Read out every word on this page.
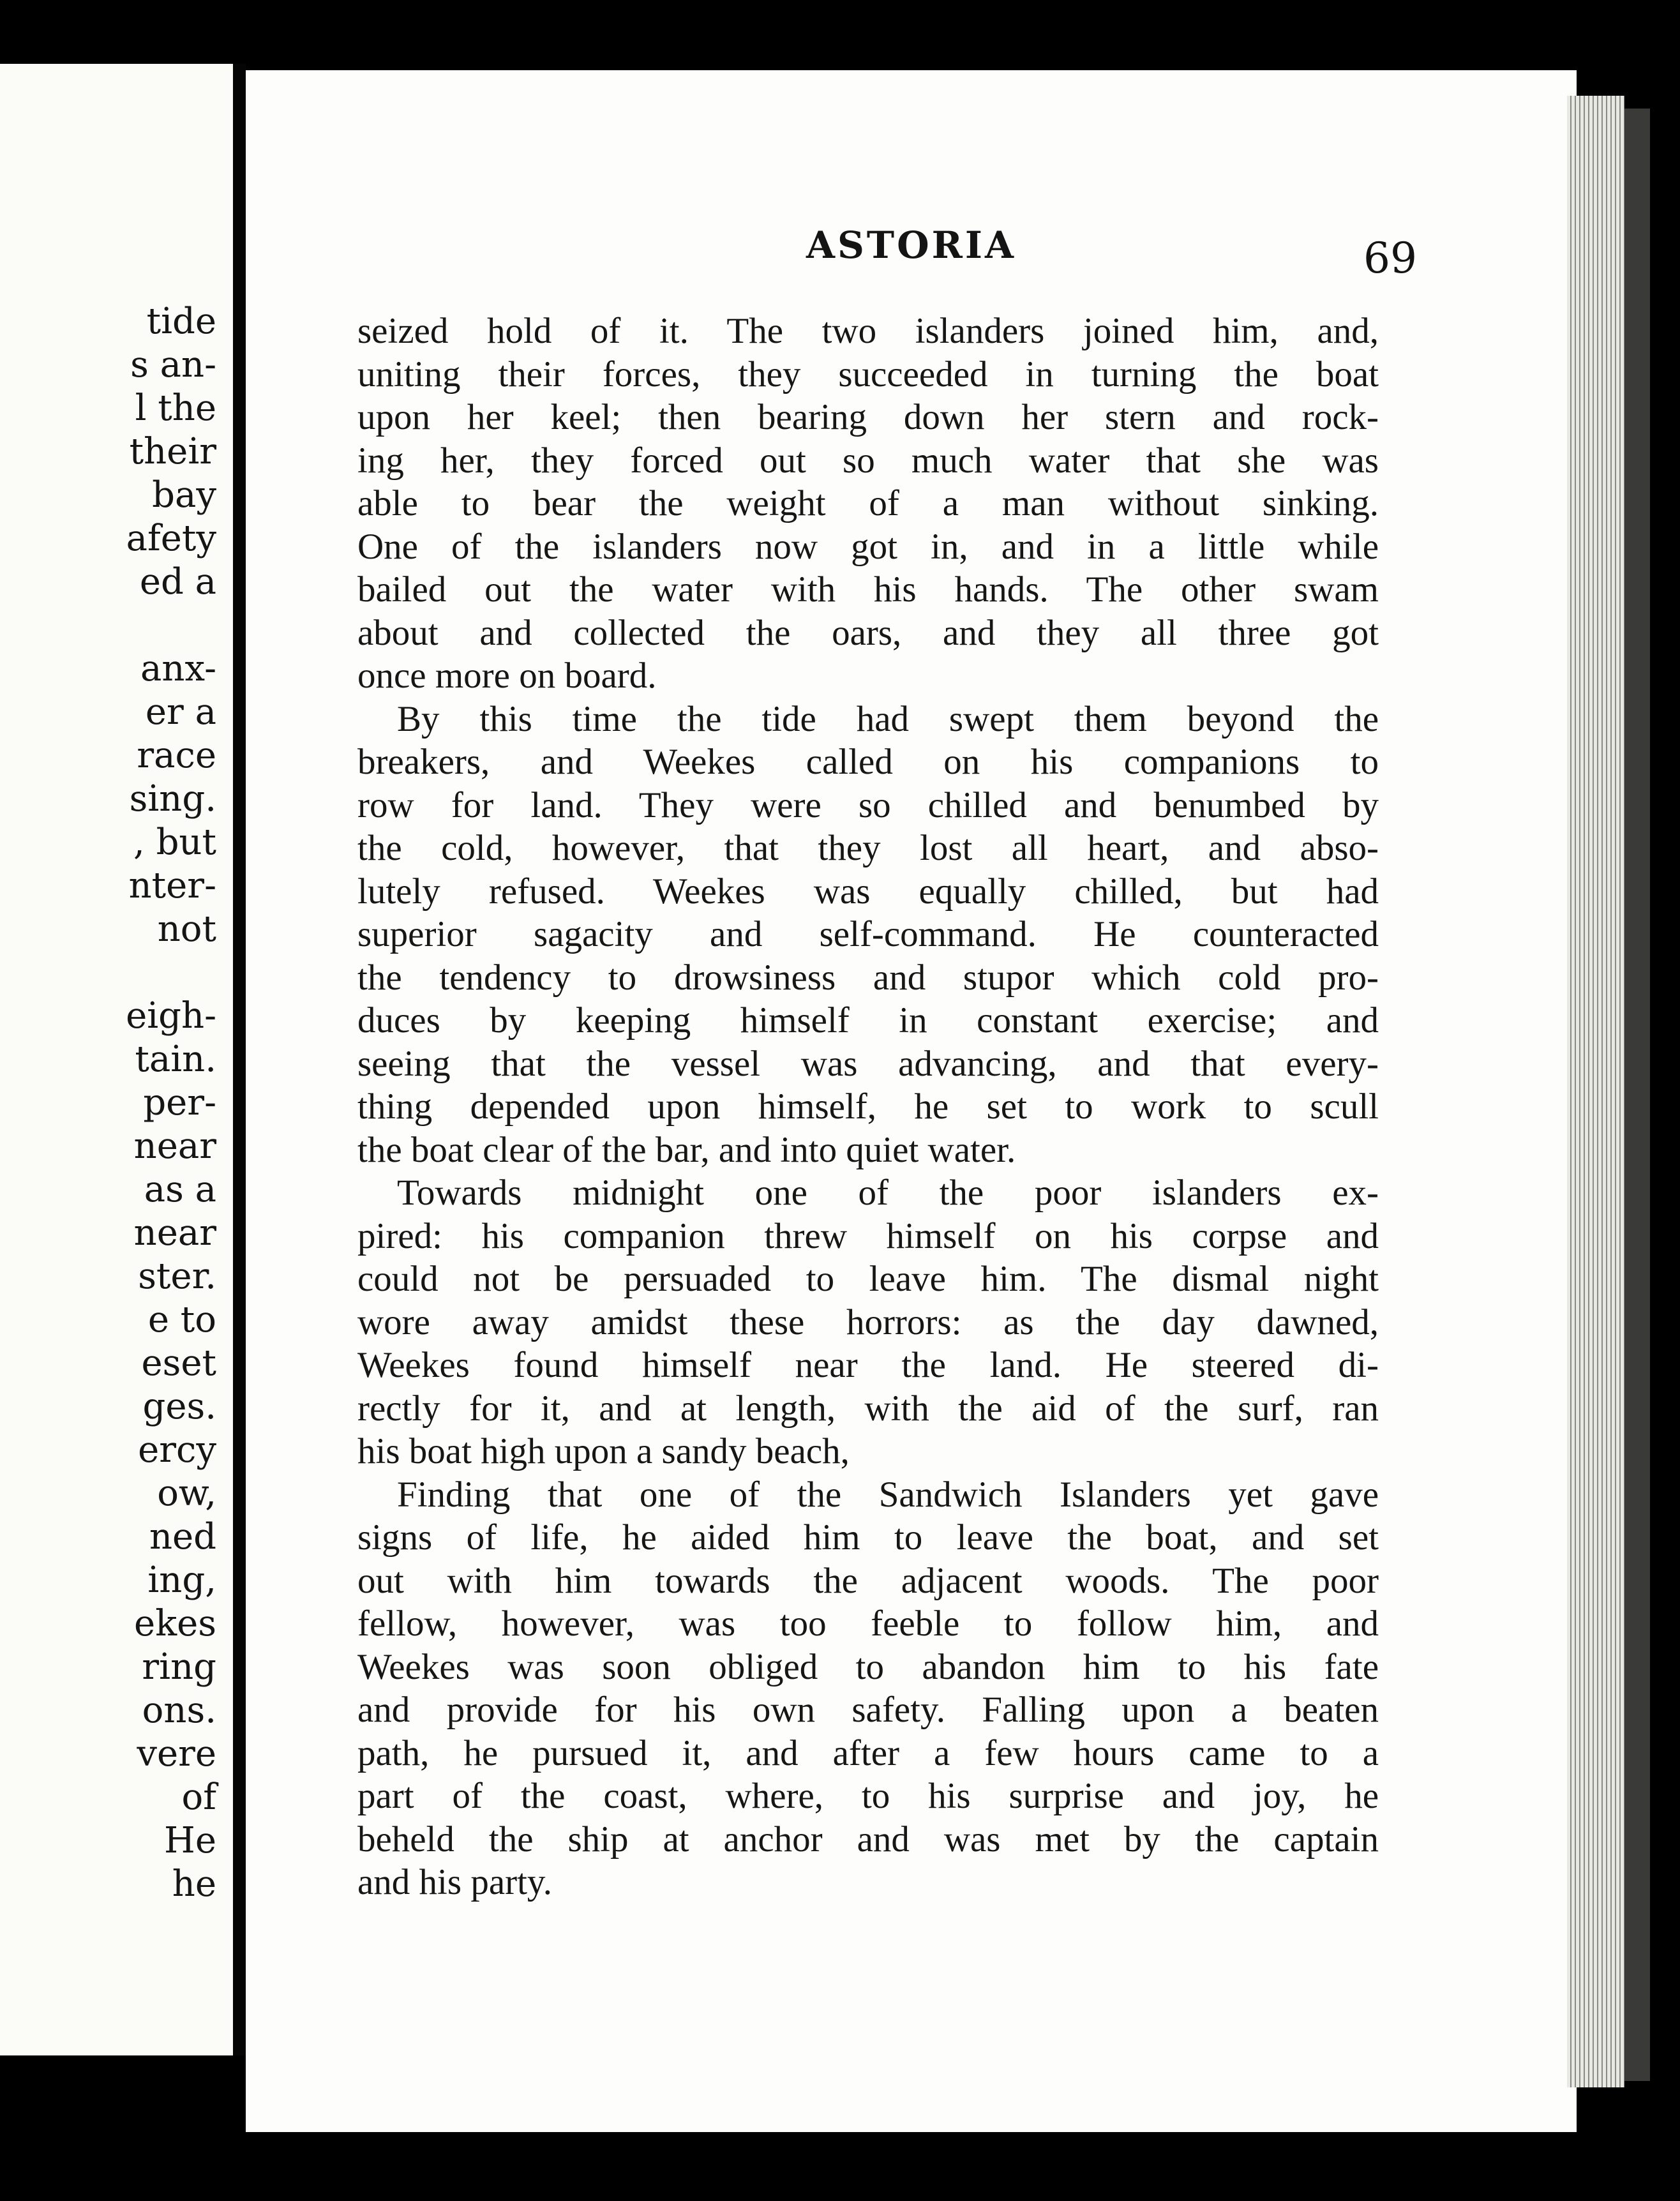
tide
s an-
l the
their
bay
afety
ed a
anx-
er a
race
sing.
, but
nter-
not
eigh-
tain.
per-
near
as a
near
ster.
e to
eset
ges.
ercy
ow,
ned
ing,
ekes
ring
ons.
vere
of
He
he
ASTORIA	69

seized hold of it. The two islanders joined him, and,

uniting their forces, they succeeded in turning the boat

upon her keel; then bearing down her stern and rock-

ing her, they forced out so much water that she was

able to bear the weight of a man without sinking.

One of the islanders now got in, and in a little while

bailed out the water with his hands. The other swam

about and collected the oars, and they all three got

once more on board.

By this time the tide had swept them beyond the

breakers, and Weekes called on his companions to

row for land. They were so chilled and benumbed by

the cold, however, that they lost all heart, and abso-

lutely refused. Weekes was equally chilled, but had

superior sagacity and self-command. He counteracted

the tendency to drowsiness and stupor which cold pro-

duces by keeping himself in constant exercise; and

seeing that the vessel was advancing, and that every-

thing depended upon himself, he set to work to scull

the boat clear of the bar, and into quiet water.

Towards midnight one of the poor islanders ex-

pired: his companion threw himself on his corpse and

could not be persuaded to leave him. The dismal night

wore away amidst these horrors: as the day dawned,

Weekes found himself near the land. He steered di-

rectly for it, and at length, with the aid of the surf, ran

his boat high upon a sandy beach,

Finding that one of the Sandwich Islanders yet gave

signs of life, he aided him to leave the boat, and set

out with him towards the adjacent woods. The poor

fellow, however, was too feeble to follow him, and

Weekes was soon obliged to abandon him to his fate

and provide for his own safety. Falling upon a beaten

path, he pursued it, and after a few hours came to a

part of the coast, where, to his surprise and joy, he

beheld the ship at anchor and was met by the captain

and his party.
